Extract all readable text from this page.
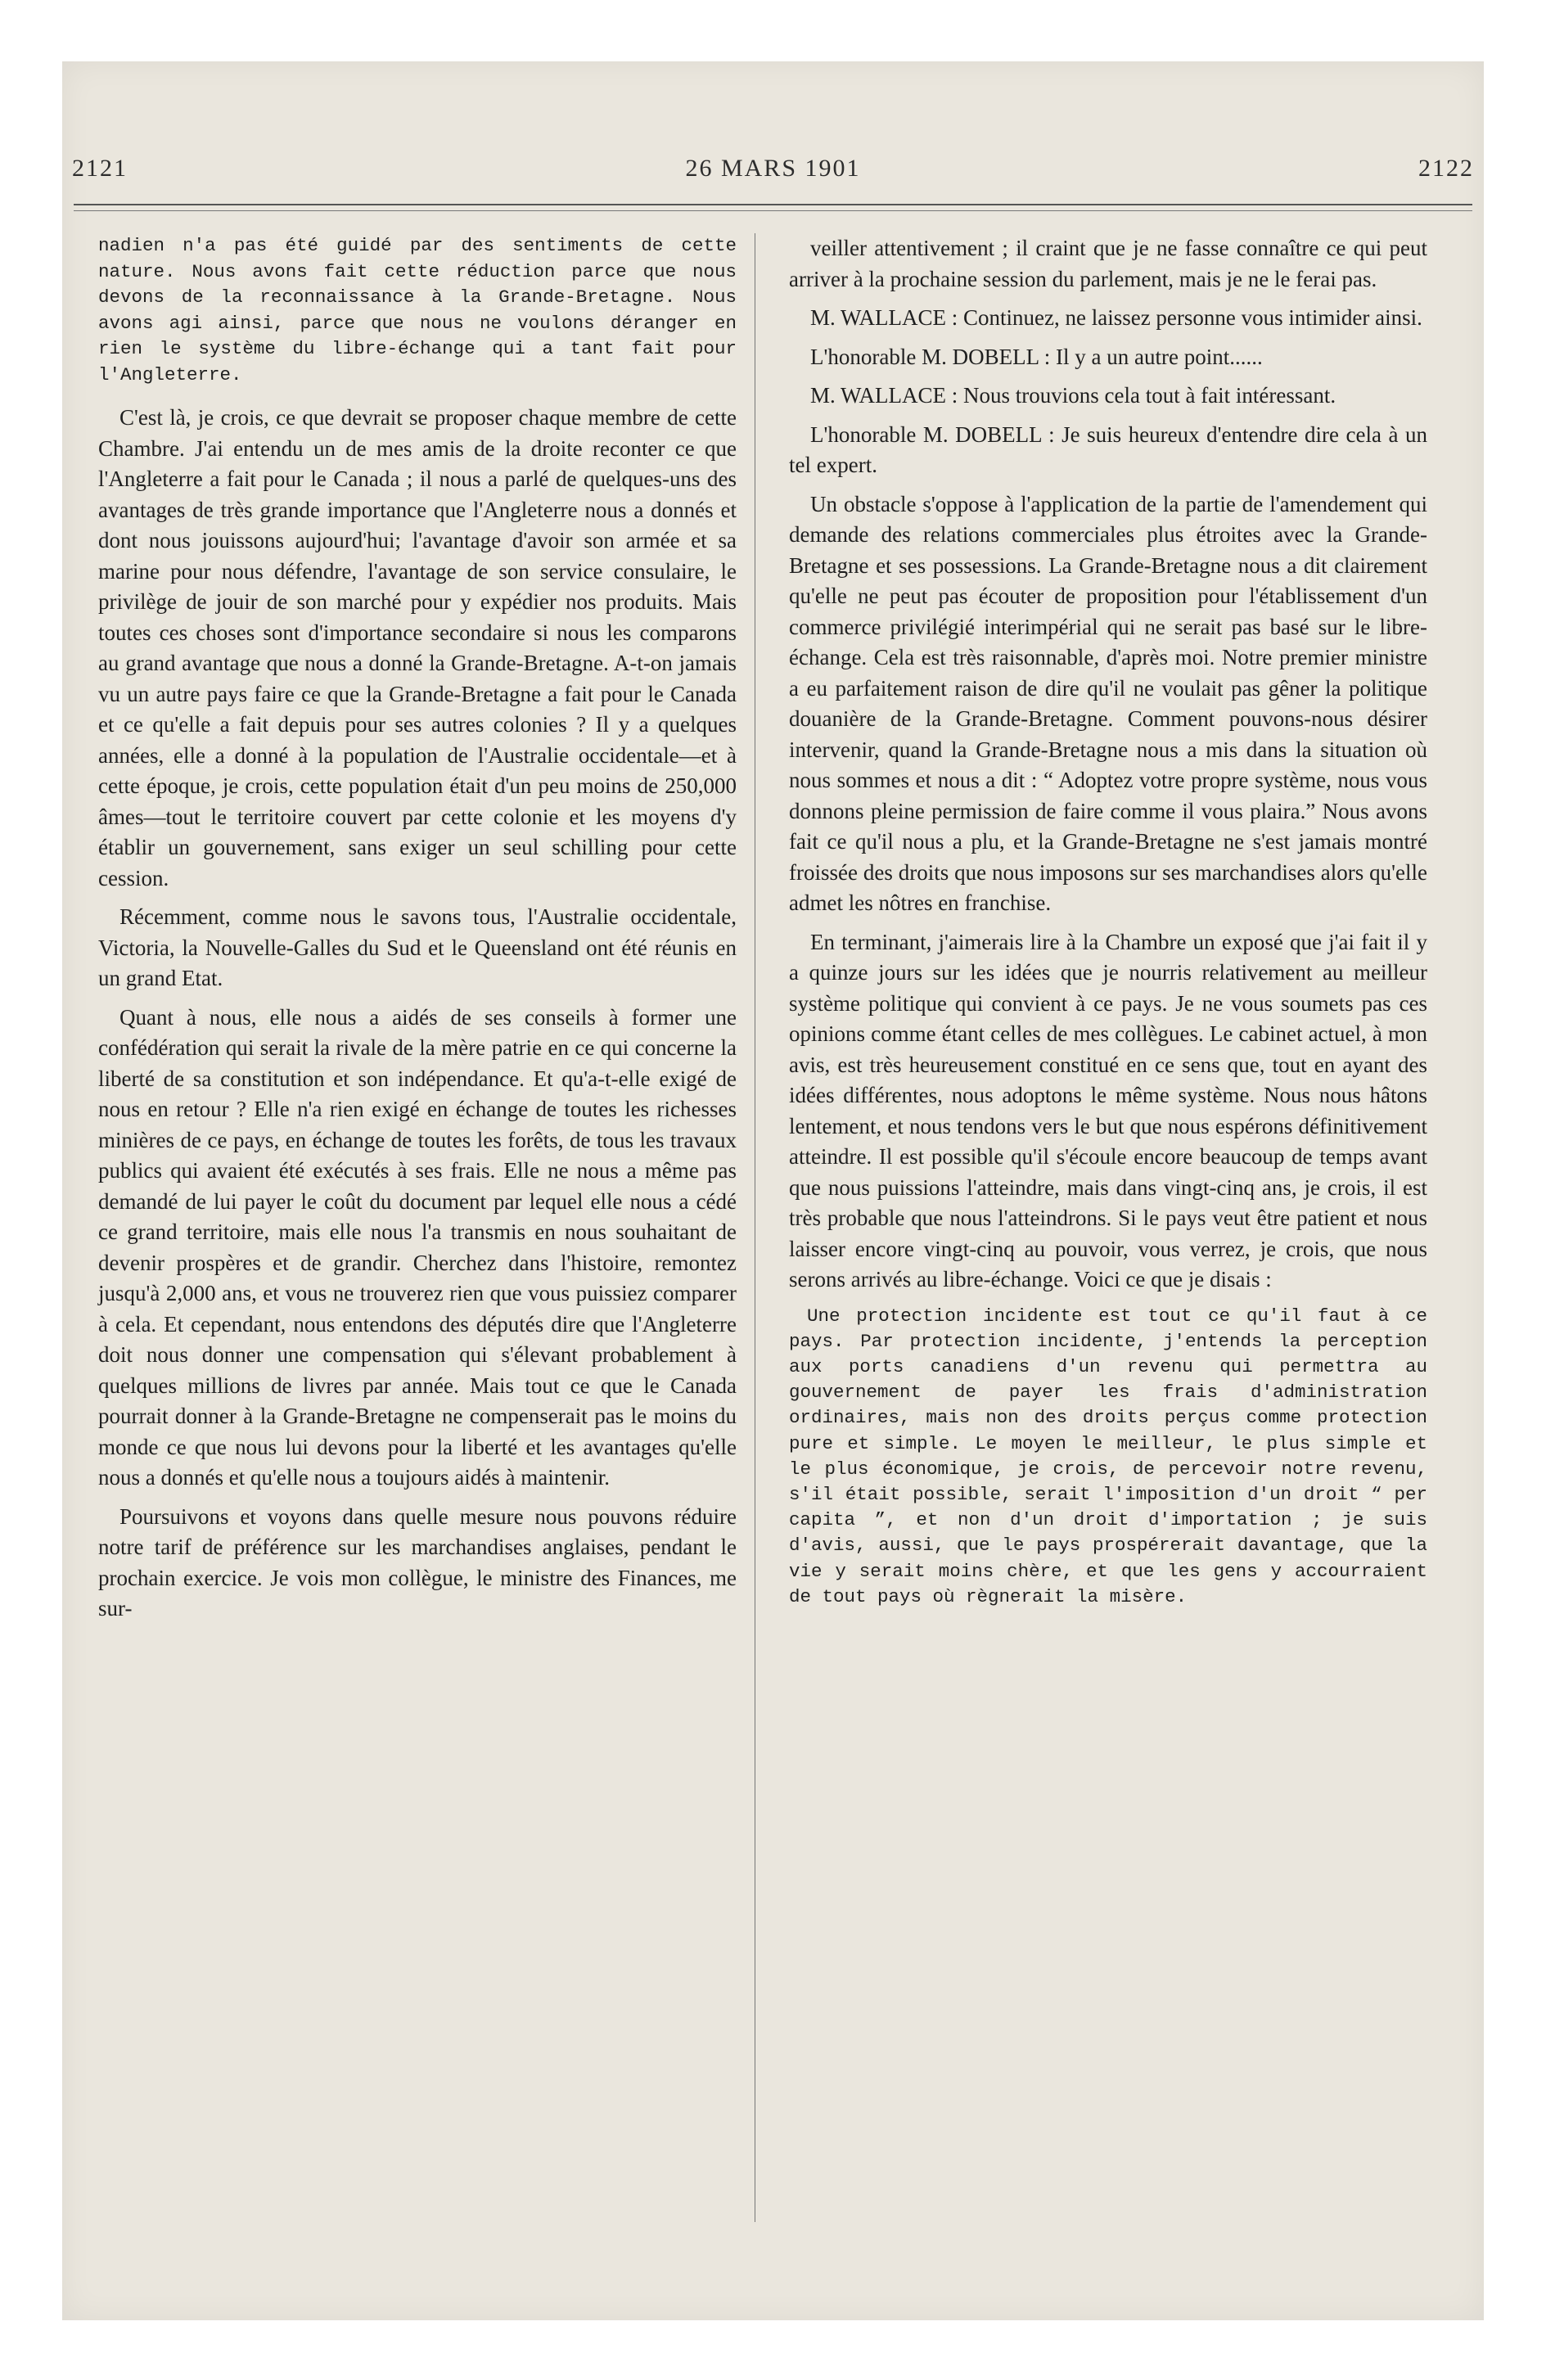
2121	26 MARS 1901	2122

nadien n'a pas été guidé par des sentiments de cette nature. Nous avons fait cette réduction parce que nous devons de la reconnaissance à la Grande-Bretagne. Nous avons agi ainsi, parce que nous ne voulons déranger en rien le système du libre-échange qui a tant fait pour l'Angleterre.

C'est là, je crois, ce que devrait se proposer chaque membre de cette Chambre. J'ai entendu un de mes amis de la droite reconter ce que l'Angleterre a fait pour le Canada ; il nous a parlé de quelques-uns des avantages de très grande importance que l'Angleterre nous a donnés et dont nous jouissons aujourd'hui; l'avantage d'avoir son armée et sa marine pour nous défendre, l'avantage de son service consulaire, le privilège de jouir de son marché pour y expédier nos produits. Mais toutes ces choses sont d'importance secondaire si nous les comparons au grand avantage que nous a donné la Grande-Bretagne. A-t-on jamais vu un autre pays faire ce que la Grande-Bretagne a fait pour le Canada et ce qu'elle a fait depuis pour ses autres colonies ? Il y a quelques années, elle a donné à la population de l'Australie occidentale—et à cette époque, je crois, cette population était d'un peu moins de 250,000 âmes—tout le territoire couvert par cette colonie et les moyens d'y établir un gouvernement, sans exiger un seul schilling pour cette cession.

Récemment, comme nous le savons tous, l'Australie occidentale, Victoria, la Nouvelle-Galles du Sud et le Queensland ont été réunis en un grand Etat.

Quant à nous, elle nous a aidés de ses conseils à former une confédération qui serait la rivale de la mère patrie en ce qui concerne la liberté de sa constitution et son indépendance. Et qu'a-t-elle exigé de nous en retour ? Elle n'a rien exigé en échange de toutes les richesses minières de ce pays, en échange de toutes les forêts, de tous les travaux publics qui avaient été exécutés à ses frais. Elle ne nous a même pas demandé de lui payer le coût du document par lequel elle nous a cédé ce grand territoire, mais elle nous l'a transmis en nous souhaitant de devenir prospères et de grandir. Cherchez dans l'histoire, remontez jusqu'à 2,000 ans, et vous ne trouverez rien que vous puissiez comparer à cela. Et cependant, nous entendons des députés dire que l'Angleterre doit nous donner une compensation qui s'élevant probablement à quelques millions de livres par année. Mais tout ce que le Canada pourrait donner à la Grande-Bretagne ne compenserait pas le moins du monde ce que nous lui devons pour la liberté et les avantages qu'elle nous a donnés et qu'elle nous a toujours aidés à maintenir.

Poursuivons et voyons dans quelle mesure nous pouvons réduire notre tarif de préférence sur les marchandises anglaises, pendant le prochain exercice. Je vois mon collègue, le ministre des Finances, me sur-

veiller attentivement ; il craint que je ne fasse connaître ce qui peut arriver à la prochaine session du parlement, mais je ne le ferai pas.

M. WALLACE : Continuez, ne laissez personne vous intimider ainsi.

L'honorable M. DOBELL : Il y a un autre point......

M. WALLACE : Nous trouvions cela tout à fait intéressant.

L'honorable M. DOBELL : Je suis heureux d'entendre dire cela à un tel expert.

Un obstacle s'oppose à l'application de la partie de l'amendement qui demande des relations commerciales plus étroites avec la Grande-Bretagne et ses possessions. La Grande-Bretagne nous a dit clairement qu'elle ne peut pas écouter de proposition pour l'établissement d'un commerce privilégié interimpérial qui ne serait pas basé sur le libre-échange. Cela est très raisonnable, d'après moi. Notre premier ministre a eu parfaitement raison de dire qu'il ne voulait pas gêner la politique douanière de la Grande-Bretagne. Comment pouvons-nous désirer intervenir, quand la Grande-Bretagne nous a mis dans la situation où nous sommes et nous a dit : “ Adoptez votre propre système, nous vous donnons pleine permission de faire comme il vous plaira.” Nous avons fait ce qu'il nous a plu, et la Grande-Bretagne ne s'est jamais montré froissée des droits que nous imposons sur ses marchandises alors qu'elle admet les nôtres en franchise.

En terminant, j'aimerais lire à la Chambre un exposé que j'ai fait il y a quinze jours sur les idées que je nourris relativement au meilleur système politique qui convient à ce pays. Je ne vous soumets pas ces opinions comme étant celles de mes collègues. Le cabinet actuel, à mon avis, est très heureusement constitué en ce sens que, tout en ayant des idées différentes, nous adoptons le même système. Nous nous hâtons lentement, et nous tendons vers le but que nous espérons définitivement atteindre. Il est possible qu'il s'écoule encore beaucoup de temps avant que nous puissions l'atteindre, mais dans vingt-cinq ans, je crois, il est très probable que nous l'atteindrons. Si le pays veut être patient et nous laisser encore vingt-cinq au pouvoir, vous verrez, je crois, que nous serons arrivés au libre-échange. Voici ce que je disais :

Une protection incidente est tout ce qu'il faut à ce pays. Par protection incidente, j'entends la perception aux ports canadiens d'un revenu qui permettra au gouvernement de payer les frais d'administration ordinaires, mais non des droits perçus comme protection pure et simple. Le moyen le meilleur, le plus simple et le plus économique, je crois, de percevoir notre revenu, s'il était possible, serait l'imposition d'un droit “ per capita ”, et non d'un droit d'importation ; je suis d'avis, aussi, que le pays prospérerait davantage, que la vie y serait moins chère, et que les gens y accourraient de tout pays où règnerait la misère.
